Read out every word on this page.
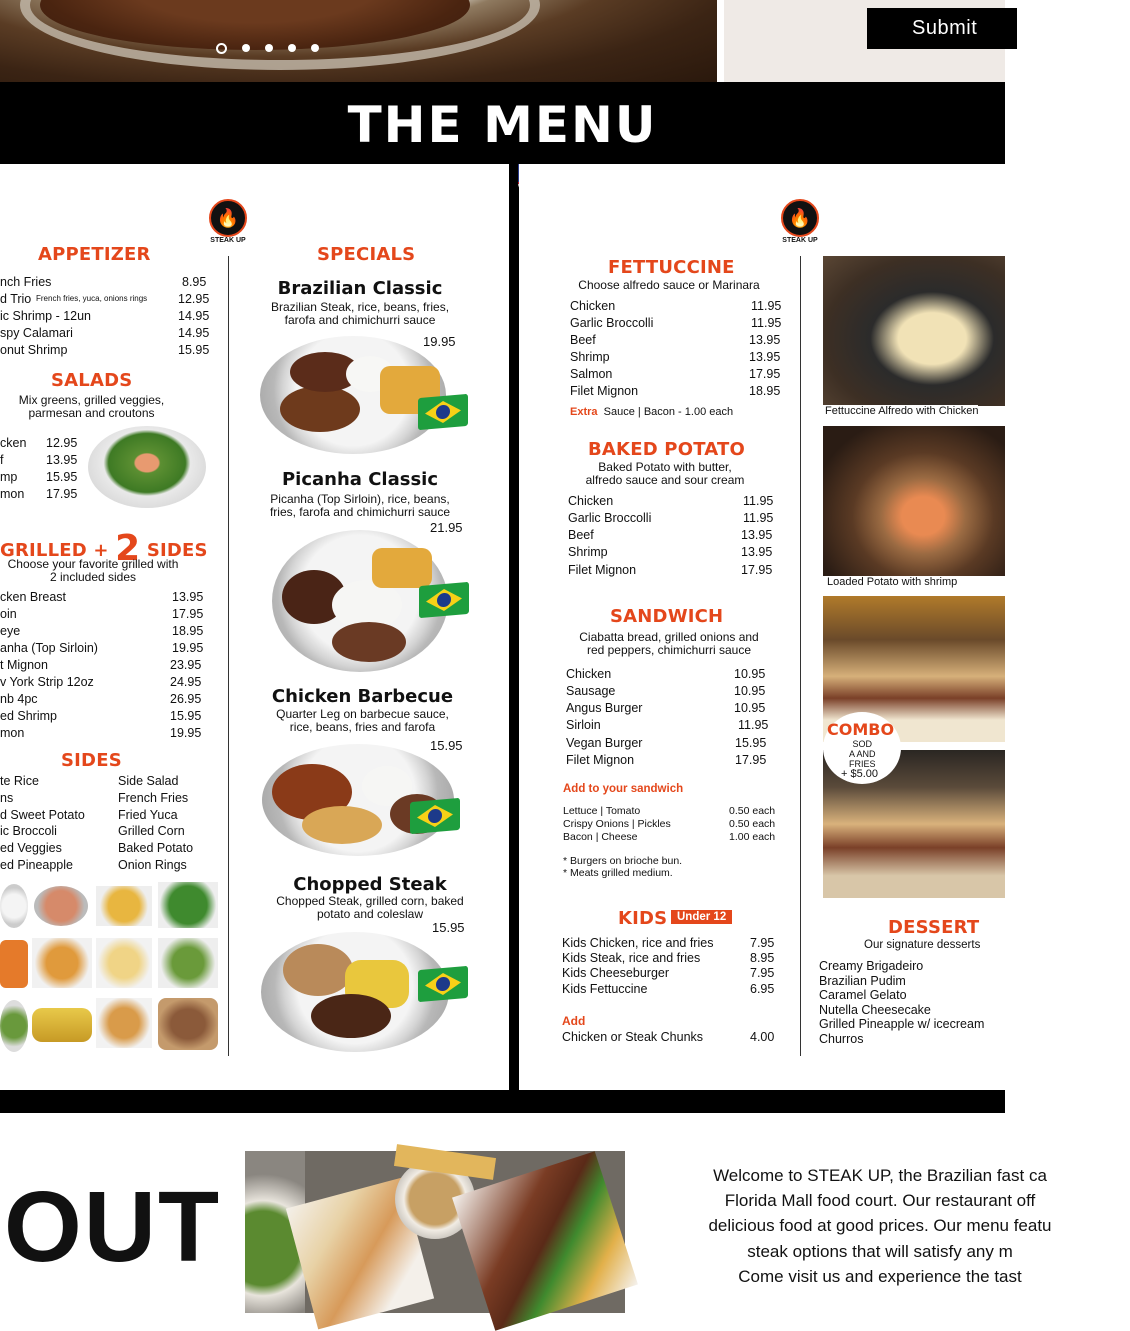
Submit
THE MENU
🔥
STEAK UP
APPETIZER
nch Fries	8.95
d Trio French fries, yuca, onions rings 12.95
ic Shrimp - 12un	14.95
spy Calamari	14.95
onut Shrimp	15.95
SALADS
Mix greens, grilled veggies,
parmesan and croutons
cken 12.95
f	13.95
mp 15.95
mon 17.95
GRILLED + 2 SIDES
Choose your favorite grilled with
2 included sides
cken Breast	13.95
oin	17.95
eye	18.95
anha (Top Sirloin)	19.95
t Mignon	23.95
v York Strip 12oz	24.95
nb 4pc	26.95
ed Shrimp	15.95
mon	19.95
SIDES
te Rice	Side Salad
ns	French Fries
d Sweet Potato	Fried Yuca
ic Broccoli	Grilled Corn
ed Veggies	Baked Potato
ed Pineapple	Onion Rings
SPECIALS
Brazilian Classic
Brazilian Steak, rice, beans, fries,
farofa and chimichurri sauce
19.95
Picanha Classic
Picanha (Top Sirloin), rice, beans,
fries, farofa and chimichurri sauce
21.95
Chicken Barbecue
Quarter Leg on barbecue sauce,
rice, beans, fries and farofa
15.95
Chopped Steak
Chopped Steak, grilled corn, baked
potato and coleslaw
15.95
🔥
STEAK UP
FETTUCCINE
Choose alfredo sauce or Marinara
Chicken	11.95
Garlic Broccolli	11.95
Beef	13.95
Shrimp	13.95
Salmon	17.95
Filet Mignon	18.95
Extra Sauce | Bacon - 1.00 each
BAKED POTATO
Baked Potato with butter,
alfredo sauce and sour cream
Chicken	11.95
Garlic Broccolli	11.95
Beef	13.95
Shrimp	13.95
Filet Mignon	17.95
SANDWICH
Ciabatta bread, grilled onions and
red peppers, chimichurri sauce
Chicken	10.95
Sausage	10.95
Angus Burger	10.95
Sirloin	11.95
Vegan Burger	15.95
Filet Mignon	17.95
Add to your sandwich
Lettuce | Tomato	0.50 each
Crispy Onions | Pickles	0.50 each
Bacon | Cheese	1.00 each
* Burgers on brioche bun.
* Meats grilled medium.
KIDS Under 12
Kids Chicken, rice and fries	7.95
Kids Steak, rice and fries	8.95
Kids Cheeseburger	7.95
Kids Fettuccine	6.95
Add
Chicken or Steak Chunks	4.00
Fettuccine Alfredo with Chicken
Loaded Potato with shrimp
COMBO
SOD
A AND
FRIES
+ $5.00
DESSERT
Our signature desserts
Creamy Brigadeiro
Brazilian Pudim
Caramel Gelato
Nutella Cheesecake
Grilled Pineapple w/ icecream
Churros
OUT	Welcome to STEAK UP, the Brazilian fast ca
Florida Mall food court. Our restaurant off
delicious food at good prices. Our menu featu
steak options that will satisfy any m
Come visit us and experience the tast
